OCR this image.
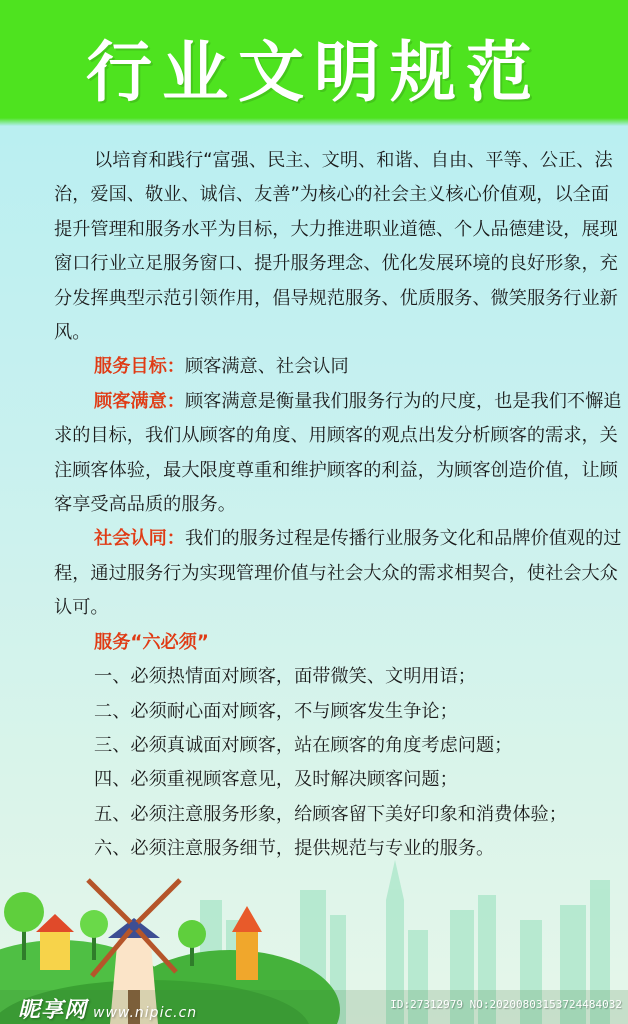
行业文明规范

以培育和践行“富强、民主、文明、和谐、自由、平等、公正、法治，爱国、敬业、诚信、友善”为核心的社会主义核心价值观，以全面提升管理和服务水平为目标，大力推进职业道德、个人品德建设，展现窗口行业立足服务窗口、提升服务理念、优化发展环境的良好形象，充分发挥典型示范引领作用，倡导规范服务、优质服务、微笑服务行业新风。

服务目标：顾客满意、社会认同

顾客满意：顾客满意是衡量我们服务行为的尺度，也是我们不懈追求的目标，我们从顾客的角度、用顾客的观点出发分析顾客的需求，关注顾客体验，最大限度尊重和维护顾客的利益，为顾客创造价值，让顾客享受高品质的服务。

社会认同：我们的服务过程是传播行业服务文化和品牌价值观的过程，通过服务行为实现管理价值与社会大众的需求相契合，使社会大众认可。

服务“六必须”

一、必须热情面对顾客，面带微笑、文明用语；
二、必须耐心面对顾客，不与顾客发生争论；
三、必须真诚面对顾客，站在顾客的角度考虑问题；
四、必须重视顾客意见，及时解决顾客问题；
五、必须注意服务形象，给顾客留下美好印象和消费体验；
六、必须注意服务细节，提供规范与专业的服务。
昵享网 www.nipic.cn
ID:27312979 NO:20200803153724484032
